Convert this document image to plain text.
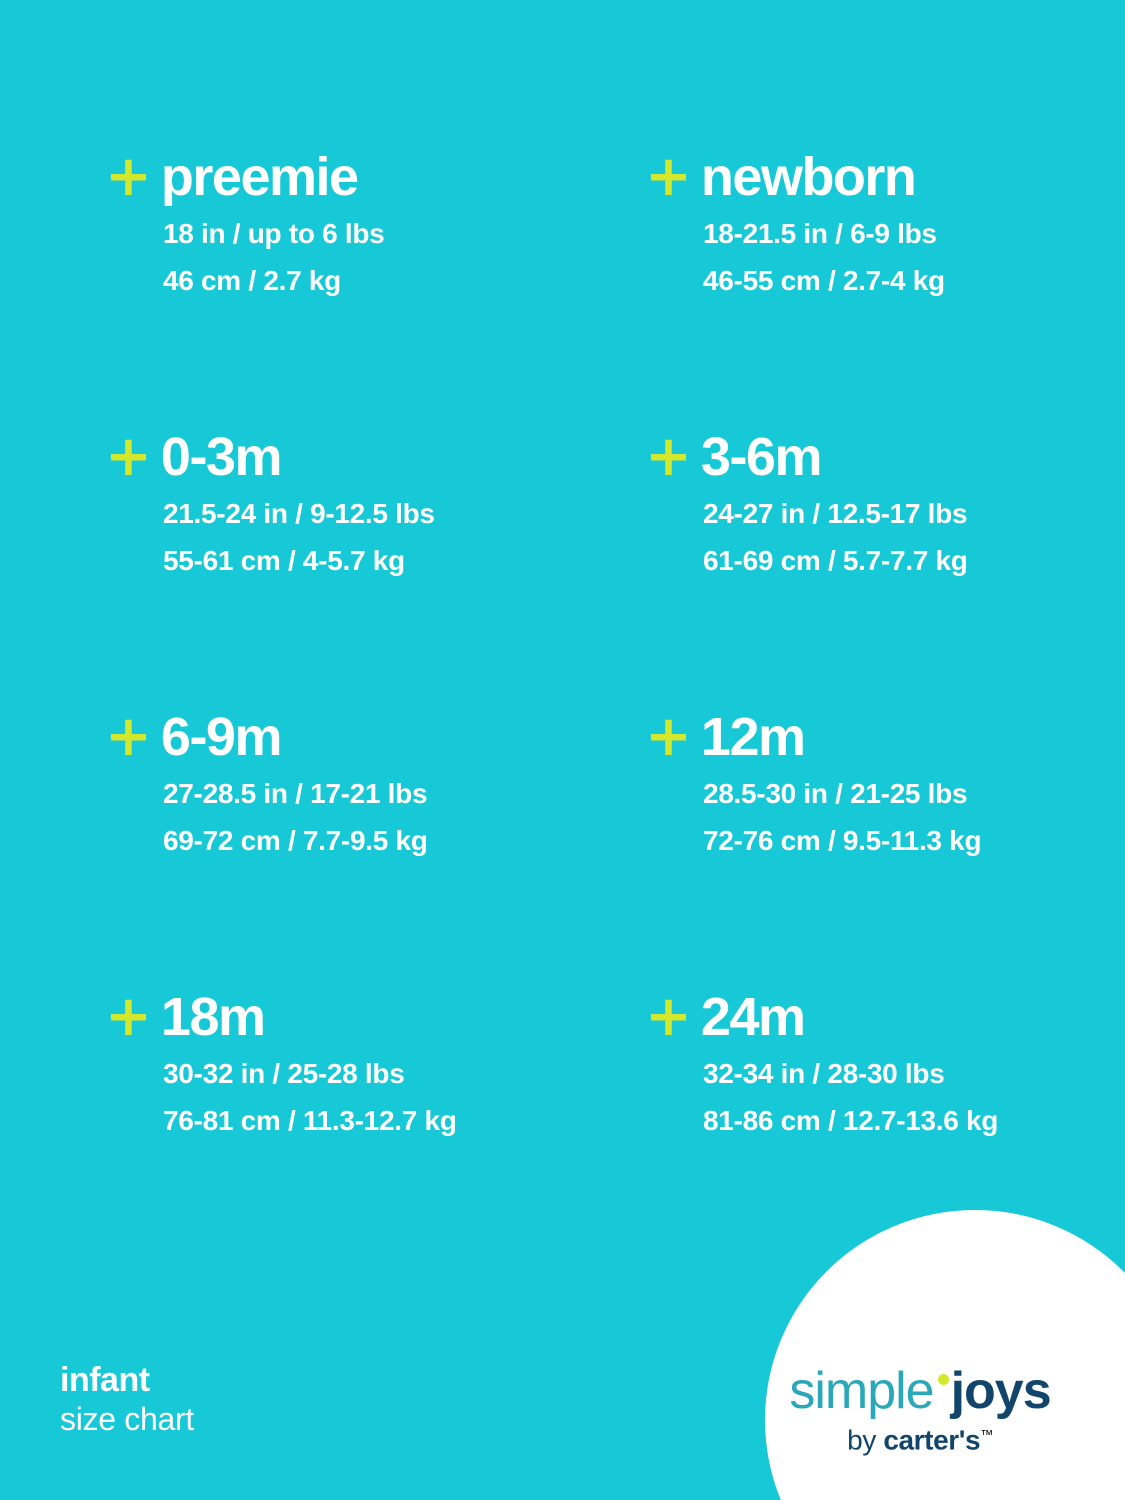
+ preemie
18 in / up to 6 lbs
46 cm / 2.7 kg
+ newborn
18-21.5 in / 6-9 lbs
46-55 cm / 2.7-4 kg
+ 0-3m
21.5-24 in / 9-12.5 lbs
55-61 cm / 4-5.7 kg
+ 3-6m
24-27 in / 12.5-17 lbs
61-69 cm / 5.7-7.7 kg
+ 6-9m
27-28.5 in / 17-21 lbs
69-72 cm / 7.7-9.5 kg
+ 12m
28.5-30 in / 21-25 lbs
72-76 cm / 9.5-11.3 kg
+ 18m
30-32 in / 25-28 lbs
76-81 cm / 11.3-12.7 kg
+ 24m
32-34 in / 28-30 lbs
81-86 cm / 12.7-13.6 kg
infant
size chart	simple joys
by carter's™
